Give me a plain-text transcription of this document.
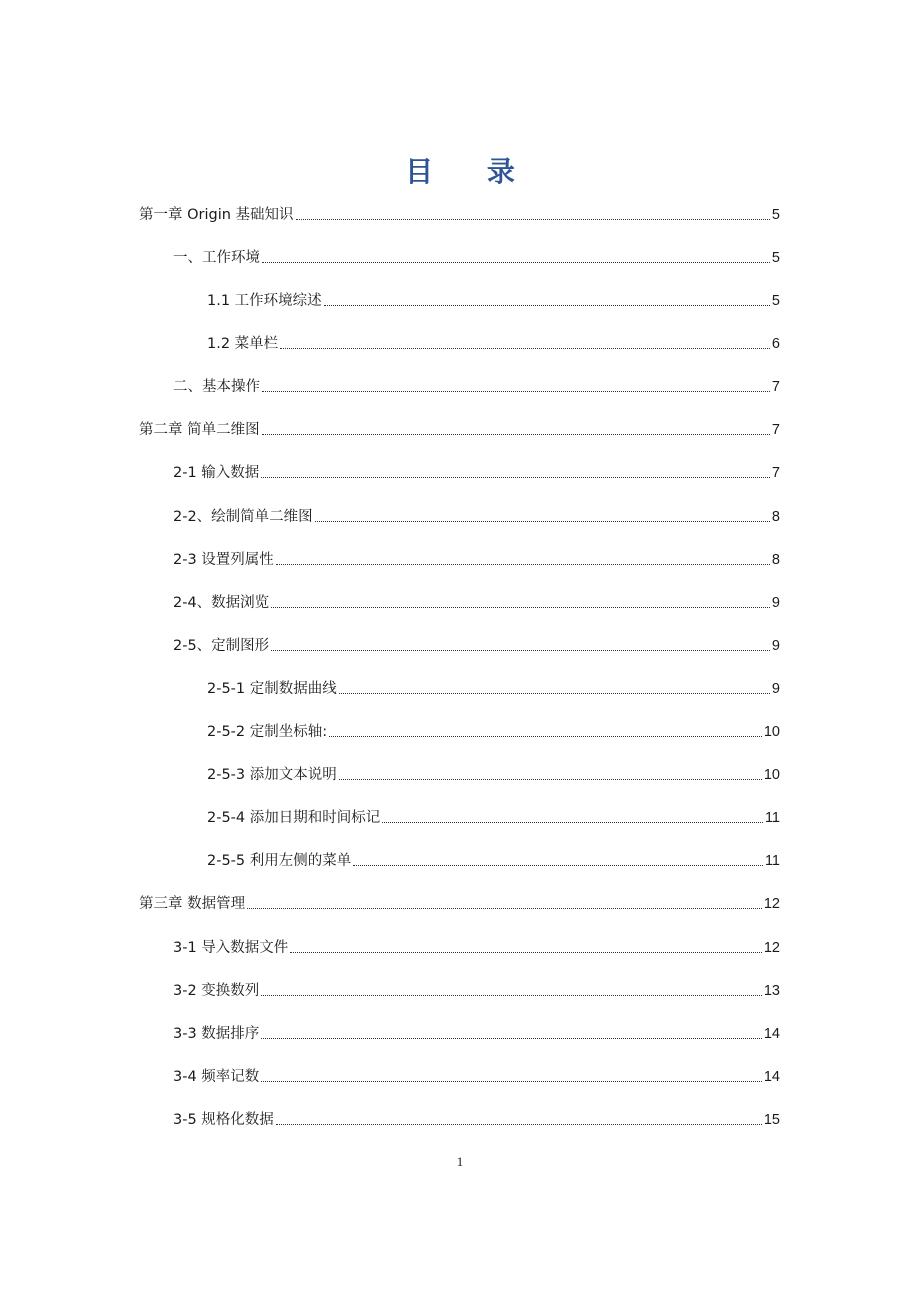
目 录
第一章 Origin 基础知识	5
一、工作环境	5
1.1 工作环境综述	5
1.2 菜单栏	6
二、基本操作	7
第二章 简单二维图	7
2-1 输入数据	7
2-2、绘制简单二维图	8
2-3 设置列属性	8
2-4、数据浏览	9
2-5、定制图形	9
2-5-1 定制数据曲线	9
2-5-2 定制坐标轴:	10
2-5-3 添加文本说明	10
2-5-4 添加日期和时间标记	11
2-5-5 利用左侧的菜单	11
第三章 数据管理	12
3-1 导入数据文件	12
3-2 变换数列	13
3-3 数据排序	14
3-4 频率记数	14
3-5 规格化数据	15
1
